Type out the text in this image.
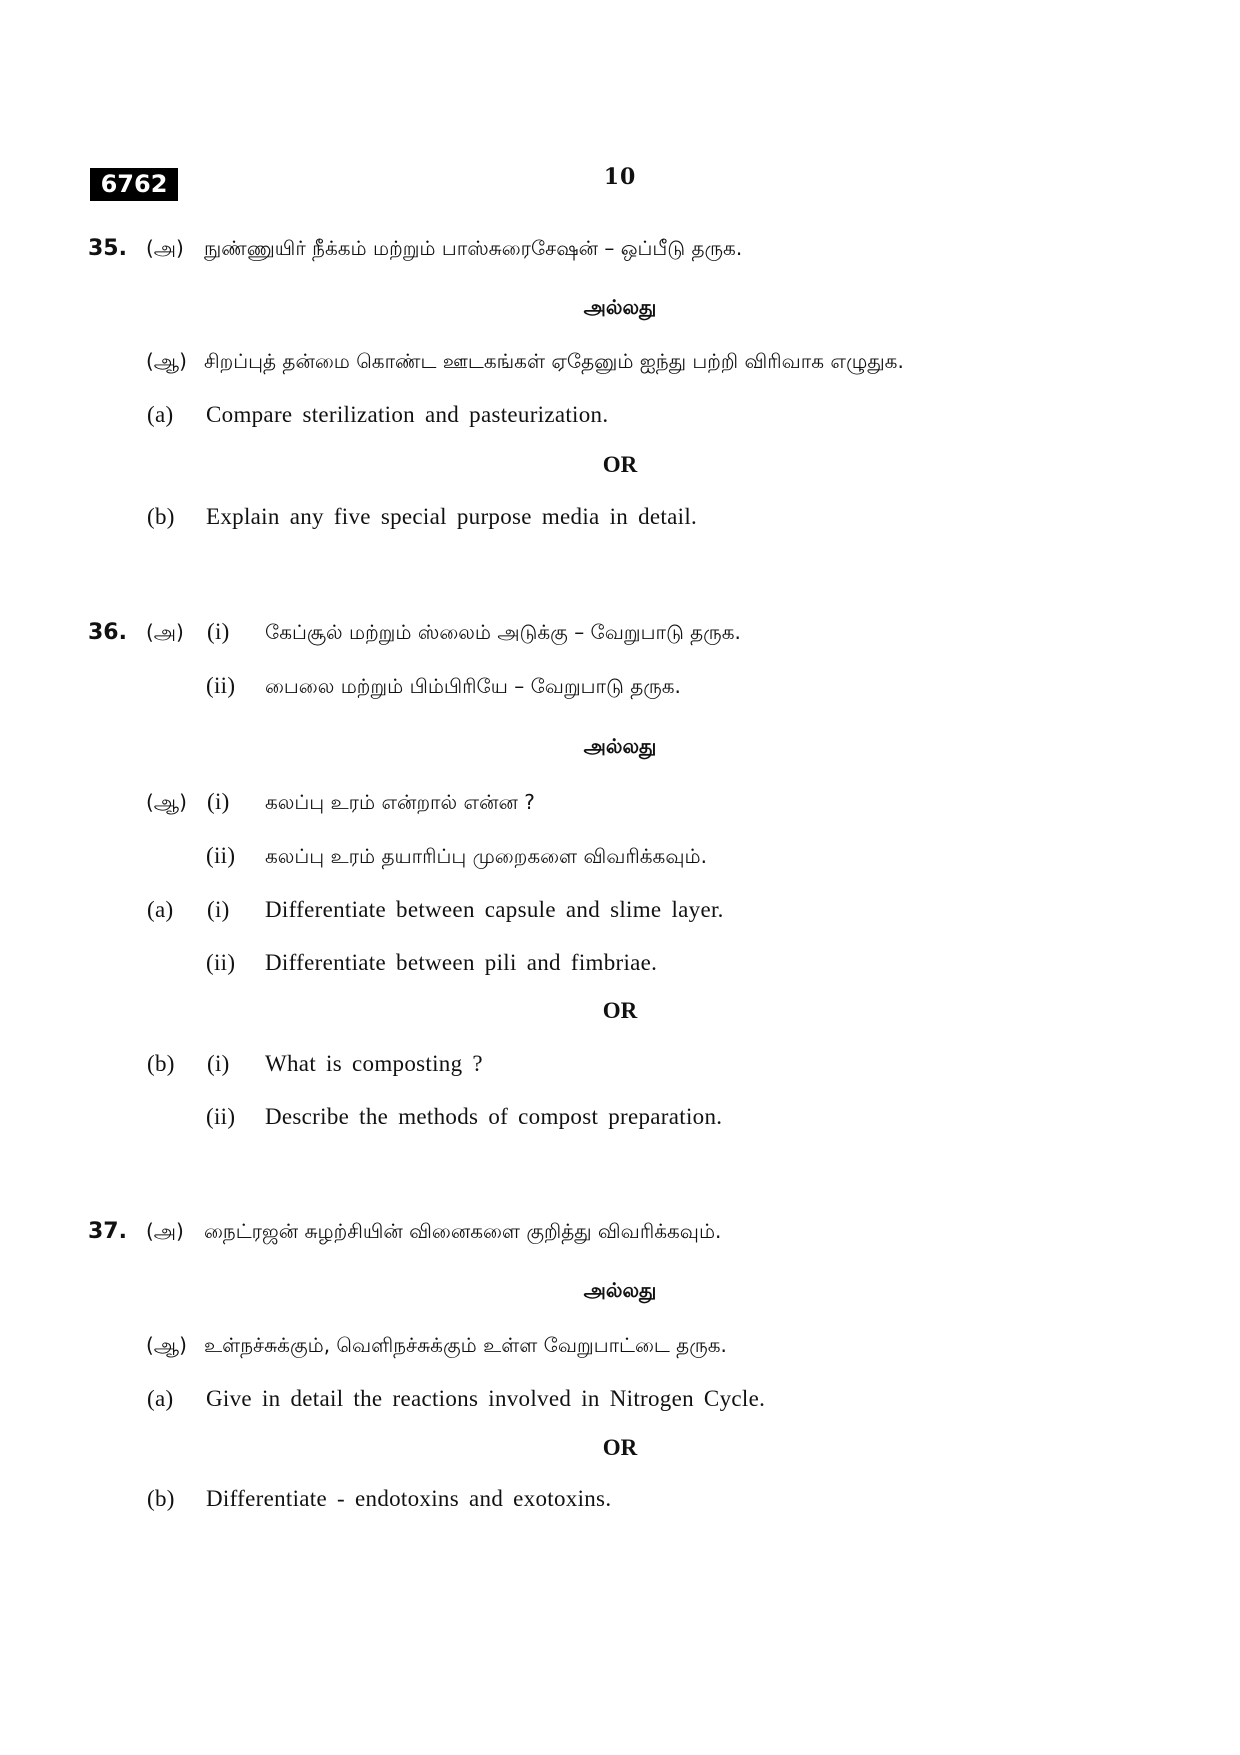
6762	10
35. (அ) நுண்ணுயிர் நீக்கம் மற்றும் பாஸ்சுரைசேஷன் – ஒப்பீடு தருக.
அல்லது
(ஆ) சிறப்புத் தன்மை கொண்ட ஊடகங்கள் ஏதேனும் ஐந்து பற்றி விரிவாக எழுதுக.
(a) Compare sterilization and pasteurization.
OR
(b) Explain any five special purpose media in detail.
36. (அ) (i) கேப்சூல் மற்றும் ஸ்லைம் அடுக்கு – வேறுபாடு தருக.
(ii) பைலை மற்றும் பிம்பிரியே – வேறுபாடு தருக.
அல்லது
(ஆ) (i) கலப்பு உரம் என்றால் என்ன ?
(ii) கலப்பு உரம் தயாரிப்பு முறைகளை விவரிக்கவும்.
(a) (i) Differentiate between capsule and slime layer.
(ii) Differentiate between pili and fimbriae.
OR
(b) (i) What is composting ?
(ii) Describe the methods of compost preparation.
37. (அ) நைட்ரஜன் சுழற்சியின் வினைகளை குறித்து விவரிக்கவும்.
அல்லது
(ஆ) உள்நச்சுக்கும், வெளிநச்சுக்கும் உள்ள வேறுபாட்டை தருக.
(a) Give in detail the reactions involved in Nitrogen Cycle.
OR
(b) Differentiate - endotoxins and exotoxins.
